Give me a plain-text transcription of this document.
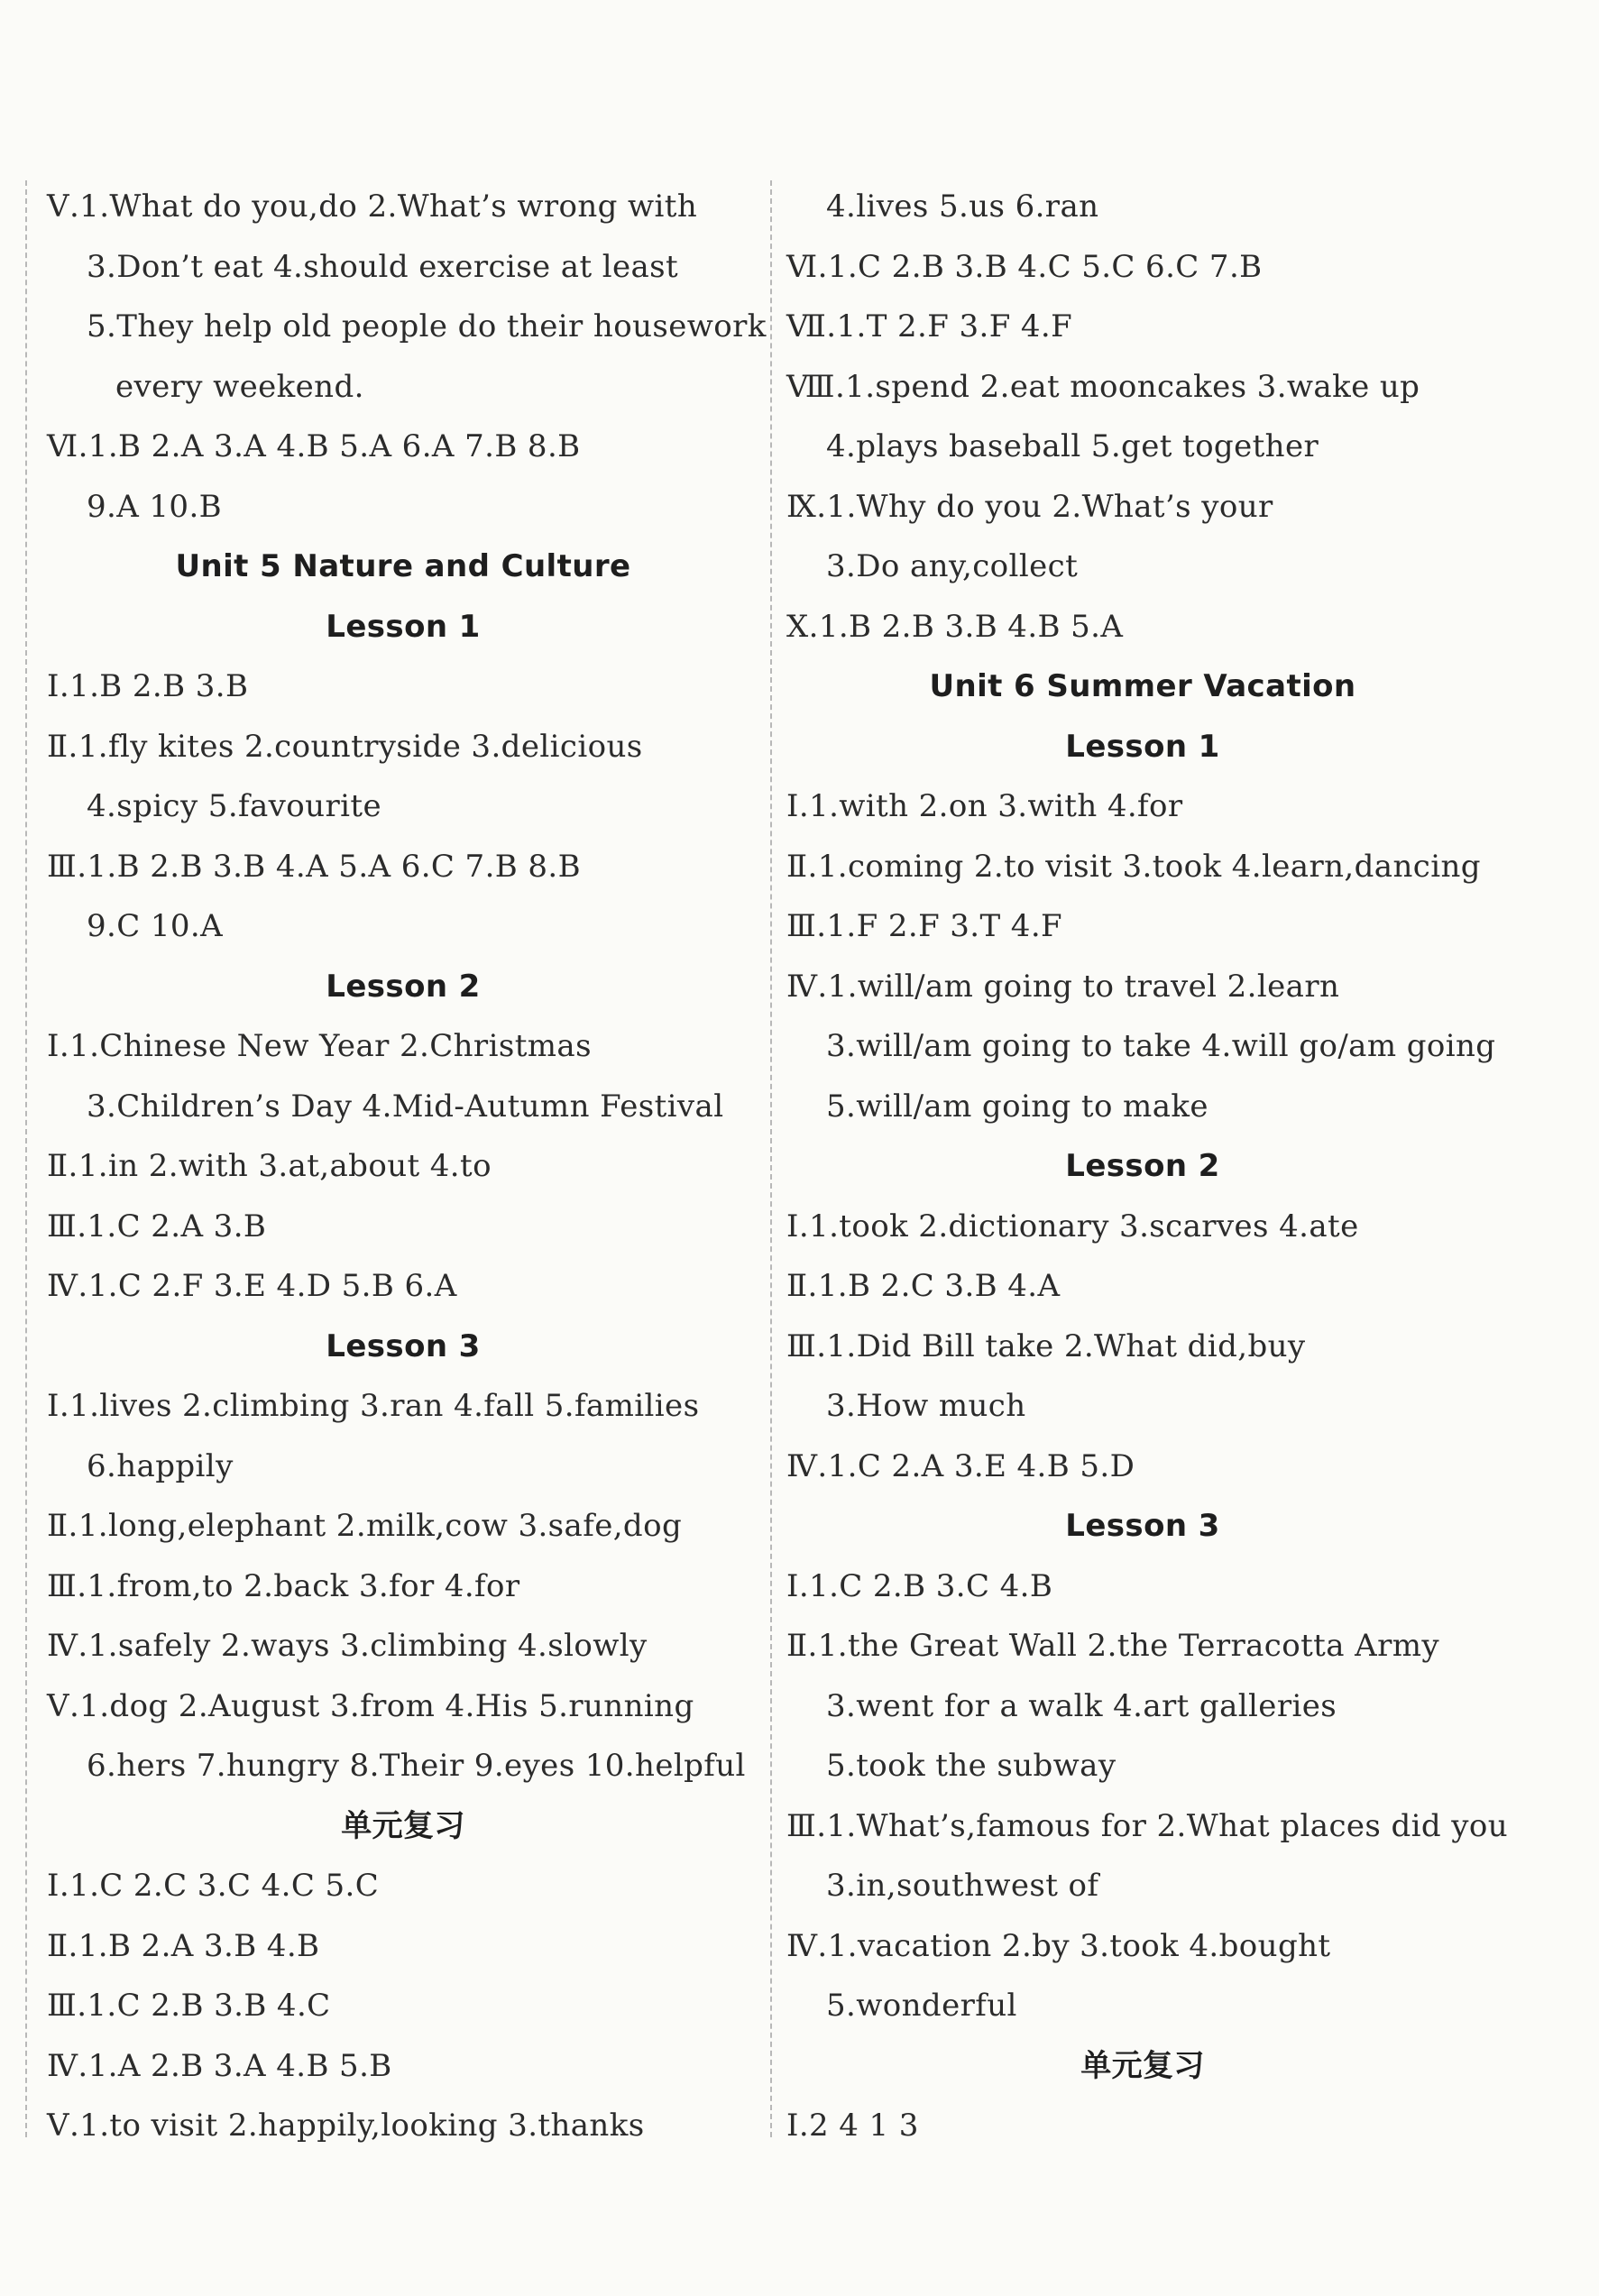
Ⅴ.1.What do you,do 2.What’s wrong with
3.Don’t eat 4.should exercise at least
5.They help old people do their housework
every weekend.
Ⅵ.1.B 2.A 3.A 4.B 5.A 6.A 7.B 8.B
9.A 10.B
Unit 5 Nature and Culture
Lesson 1
Ⅰ.1.B 2.B 3.B
Ⅱ.1.fly kites 2.countryside 3.delicious
4.spicy 5.favourite
Ⅲ.1.B 2.B 3.B 4.A 5.A 6.C 7.B 8.B
9.C 10.A
Lesson 2
Ⅰ.1.Chinese New Year 2.Christmas
3.Children’s Day 4.Mid-Autumn Festival
Ⅱ.1.in 2.with 3.at,about 4.to
Ⅲ.1.C 2.A 3.B
Ⅳ.1.C 2.F 3.E 4.D 5.B 6.A
Lesson 3
Ⅰ.1.lives 2.climbing 3.ran 4.fall 5.families
6.happily
Ⅱ.1.long,elephant 2.milk,cow 3.safe,dog
Ⅲ.1.from,to 2.back 3.for 4.for
Ⅳ.1.safely 2.ways 3.climbing 4.slowly
Ⅴ.1.dog 2.August 3.from 4.His 5.running
6.hers 7.hungry 8.Their 9.eyes 10.helpful
单元复习
Ⅰ.1.C 2.C 3.C 4.C 5.C
Ⅱ.1.B 2.A 3.B 4.B
Ⅲ.1.C 2.B 3.B 4.C
Ⅳ.1.A 2.B 3.A 4.B 5.B
Ⅴ.1.to visit 2.happily,looking 3.thanks
4.lives 5.us 6.ran
Ⅵ.1.C 2.B 3.B 4.C 5.C 6.C 7.B
Ⅶ.1.T 2.F 3.F 4.F
Ⅷ.1.spend 2.eat mooncakes 3.wake up
4.plays baseball 5.get together
Ⅸ.1.Why do you 2.What’s your
3.Do any,collect
Ⅹ.1.B 2.B 3.B 4.B 5.A
Unit 6 Summer Vacation
Lesson 1
Ⅰ.1.with 2.on 3.with 4.for
Ⅱ.1.coming 2.to visit 3.took 4.learn,dancing
Ⅲ.1.F 2.F 3.T 4.F
Ⅳ.1.will/am going to travel 2.learn
3.will/am going to take 4.will go/am going
5.will/am going to make
Lesson 2
Ⅰ.1.took 2.dictionary 3.scarves 4.ate
Ⅱ.1.B 2.C 3.B 4.A
Ⅲ.1.Did Bill take 2.What did,buy
3.How much
Ⅳ.1.C 2.A 3.E 4.B 5.D
Lesson 3
Ⅰ.1.C 2.B 3.C 4.B
Ⅱ.1.the Great Wall 2.the Terracotta Army
3.went for a walk 4.art galleries
5.took the subway
Ⅲ.1.What’s,famous for 2.What places did you
3.in,southwest of
Ⅳ.1.vacation 2.by 3.took 4.bought
5.wonderful
单元复习
Ⅰ.2 4 1 3
